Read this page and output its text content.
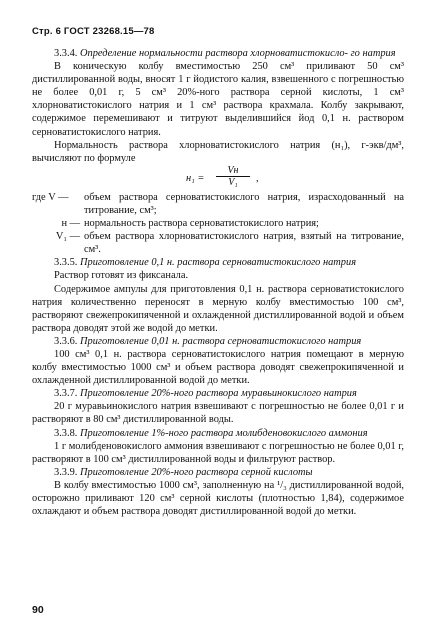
Стр. 6 ГОСТ 23268.15—78

3.3.4. Определение нормальности раствора хлорноватистокисло- го натрия

В коническую колбу вместимостью 250 см³ приливают 50 см³ дистиллированной воды, вносят 1 г йодистого калия, взвешенного с погрешностью не более 0,01 г, 5 см³ 20%-ного раствора серной кислоты, 1 см³ хлорноватистокислого натрия и 1 см³ раствора крахмала. Колбу закрывают, содержимое перемешивают и титруют выделившийся йод 0,1 н. раствором серноватистокислого натрия.

Нормальность раствора хлорноватистокислого натрия (н₁), г-экв/дм³, вычисляют по формуле

н₁ =
Vн
V₁	,
где V —	объем раствора серноватистокислого натрия, израсходованный на титрование, см³;
н — нормальность раствора серноватистокислого натрия;
V₁ — объем раствора хлорноватистокислого натрия, взятый на титрование, см³.

3.3.5. Приготовление 0,1 н. раствора серноватистокислого натрия

Раствор готовят из фиксанала.

Содержимое ампулы для приготовления 0,1 н. раствора серноватистокислого натрия количественно переносят в мерную колбу вместимостью 100 см³, растворяют свежепрокипяченной и охлажденной дистиллированной водой и объем раствора доводят этой же водой до метки.

3.3.6. Приготовление 0,01 н. раствора серноватистокислого натрия

100 см³ 0,1 н. раствора серноватистокислого натрия помещают в мерную колбу вместимостью 1000 см³ и объем раствора доводят свежепрокипяченной и охлажденной дистиллированной водой до метки.

3.3.7. Приготовление 20%-ного раствора муравьинокислого натрия

20 г муравьинокислого натрия взвешивают с погрешностью не более 0,01 г и растворяют в 80 см³ дистиллированной воды.

3.3.8. Приготовление 1%-ного раствора молибденовокислого аммония

1 г молибденовокислого аммония взвешивают с погрешностью не более 0,01 г, растворяют в 100 см³ дистиллированной воды и фильтруют раствор.

3.3.9. Приготовление 20%-ного раствора серной кислоты

В колбу вместимостью 1000 см³, заполненную на ¹/₃ дистиллированной водой, осторожно приливают 120 см³ серной кислоты (плотностью 1,84), содержимое охлаждают и объем раствора доводят дистиллированной водой до метки.

90
